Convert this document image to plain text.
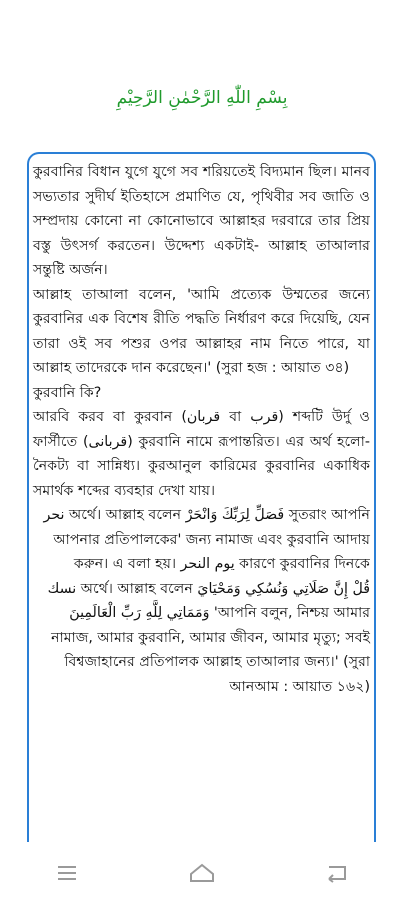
بِسْمِ اللّٰهِ الرَّحْمٰنِ الرَّحِيْمِ

কুরবানির বিধান যুগে যুগে সব শরিয়তেই বিদ্যমান ছিল। মানব সভ্যতার সুদীর্ঘ ইতিহাসে প্রমাণিত যে, পৃথিবীর সব জাতি ও সম্প্রদায় কোনো না কোনোভাবে আল্লাহর দরবারে তার প্রিয় বস্তু উৎসর্গ করতেন। উদ্দেশ্য একটাই- আল্লাহ তাআলার সন্তুষ্টি অর্জন।

আল্লাহ তাআলা বলেন, 'আমি প্রত্যেক উম্মতের জন্যে কুরবানির এক বিশেষ রীতি পদ্ধতি নির্ধারণ করে দিয়েছি, যেন তারা ওই সব পশুর ওপর আল্লাহর নাম নিতে পারে, যা আল্লাহ তাদেরকে দান করেছেন।' (সুরা হজ : আয়াত ৩৪)

কুরবানি কি?

আরবি করব বা কুরবান (قربان বা قرب) শব্দটি উর্দু ও ফার্সীতে (قربانی) কুরবানি নামে রূপান্তরিত। এর অর্থ হলো-নৈকট্য বা সান্নিধ্য। কুরআনুল কারিমের কুরবানির একাধিক সমার্থক শব্দের ব্যবহার দেখা যায়।

نحر অর্থে। আল্লাহ বলেন فَصَلِّ لِرَبِّكَ وَانْحَرْ সুতরাং আপনি আপনার প্রতিপালকের' জন্য নামাজ এবং কুরবানি আদায় করুন। এ বলা হয়। يوم النحر কারণে কুরবানির দিনকে

نسك অর্থে। আল্লাহ বলেন قُلْ إِنَّ صَلَاتِي وَنُسُكِي وَمَحْيَايَ وَمَمَاتِي لِلَّهِ رَبِّ الْعَالَمِينَ 'আপনি বলুন, নিশ্চয় আমার নামাজ, আমার কুরবানি, আমার জীবন, আমার মৃত্যু; সবই বিশ্বজাহানের প্রতিপালক আল্লাহ তাআলার জন্য।' (সুরা আনআম : আয়াত ১৬২)
